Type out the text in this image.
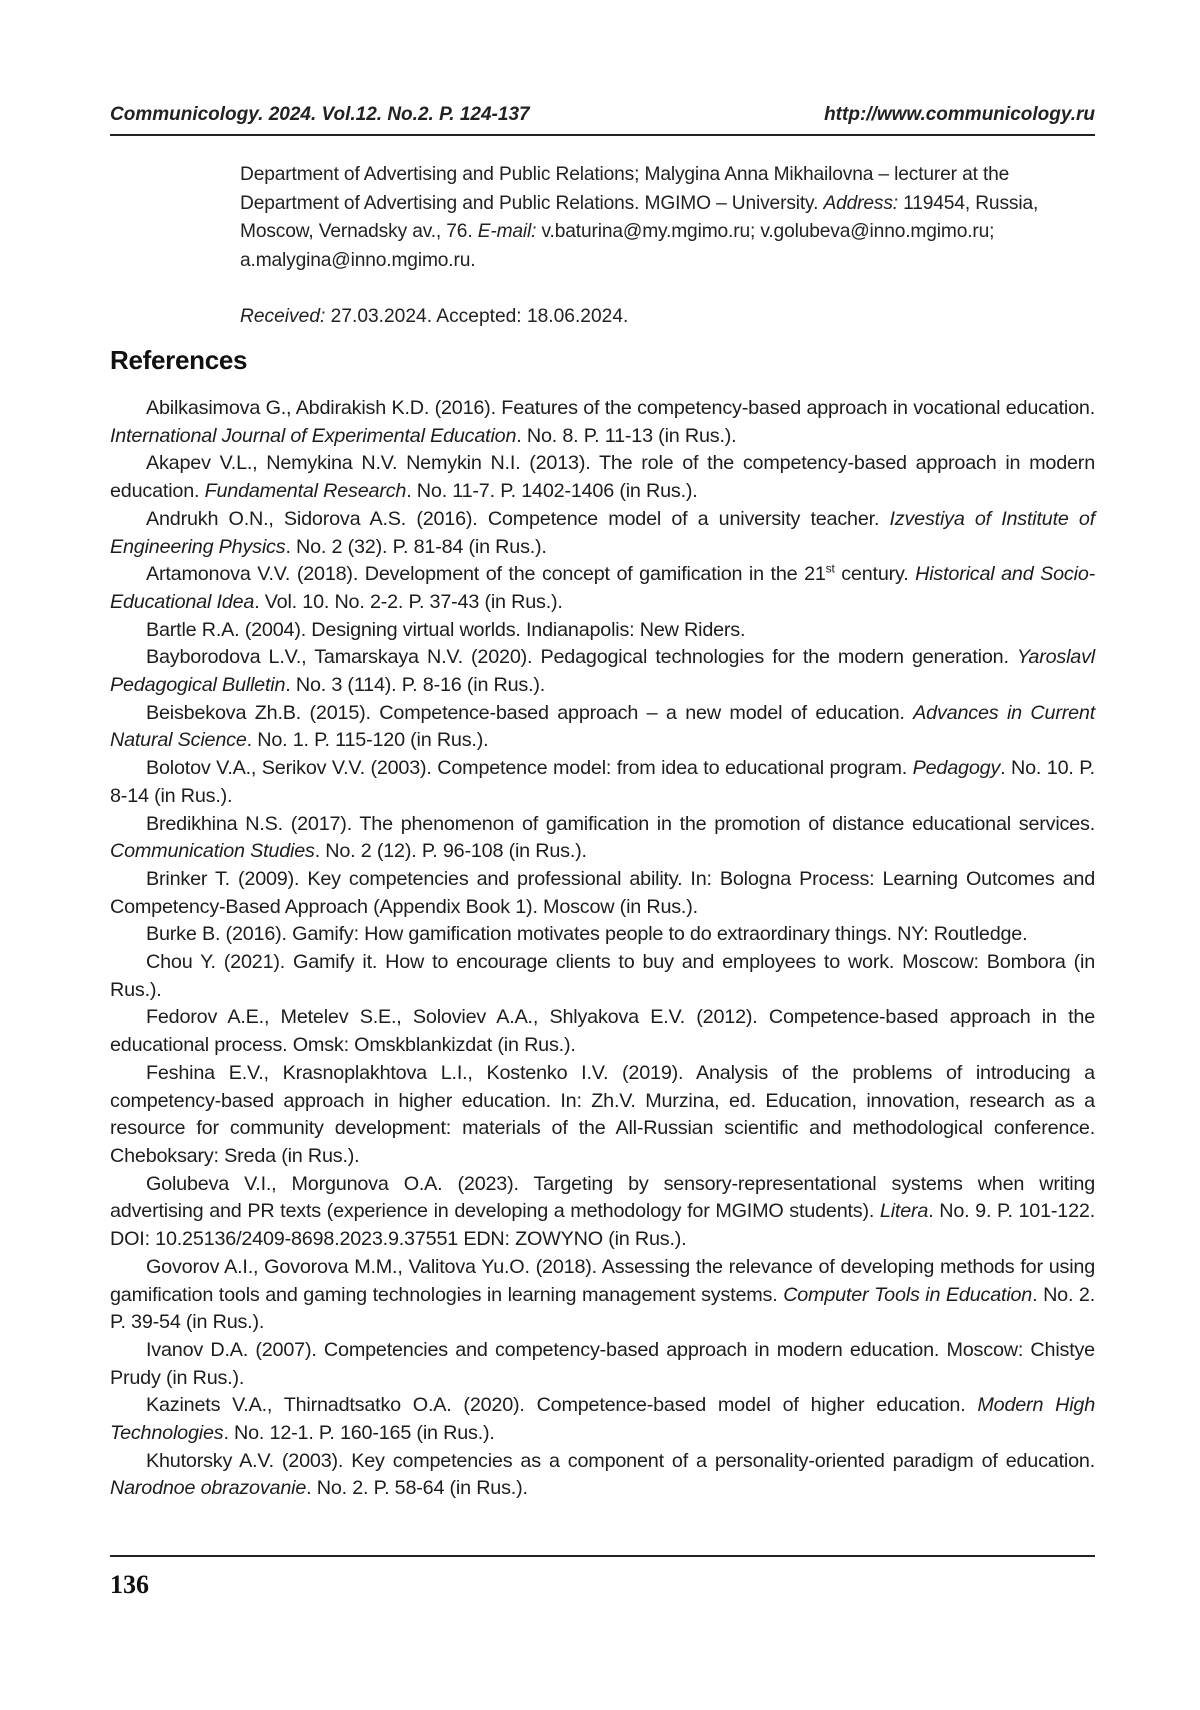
Communicology. 2024. Vol.12. No.2. P. 124-137	http://www.communicology.ru

Department of Advertising and Public Relations; Malygina Anna Mikhailovna – lecturer at the Department of Advertising and Public Relations. MGIMO – University. Address: 119454, Russia, Moscow, Vernadsky av., 76. E-mail: v.baturina@my.mgimo.ru; v.golubeva@inno.mgimo.ru; a.malygina@inno.mgimo.ru.

Received: 27.03.2024. Accepted: 18.06.2024.

References

Abilkasimova G., Abdirakish K.D. (2016). Features of the competency-based approach in vocational education. International Journal of Experimental Education. No. 8. P. 11-13 (in Rus.).

Akapev V.L., Nemykina N.V. Nemykin N.I. (2013). The role of the competency-based approach in modern education. Fundamental Research. No. 11-7. P. 1402-1406 (in Rus.).

Andrukh O.N., Sidorova A.S. (2016). Competence model of a university teacher. Izvestiya of Institute of Engineering Physics. No. 2 (32). P. 81-84 (in Rus.).

Artamonova V.V. (2018). Development of the concept of gamification in the 21st century. Historical and Socio-Educational Idea. Vol. 10. No. 2-2. P. 37-43 (in Rus.).

Bartle R.A. (2004). Designing virtual worlds. Indianapolis: New Riders.

Bayborodova L.V., Tamarskaya N.V. (2020). Pedagogical technologies for the modern generation. Yaroslavl Pedagogical Bulletin. No. 3 (114). P. 8-16 (in Rus.).

Beisbekova Zh.B. (2015). Competence-based approach – a new model of education. Advances in Current Natural Science. No. 1. P. 115-120 (in Rus.).

Bolotov V.A., Serikov V.V. (2003). Competence model: from idea to educational program. Pedagogy. No. 10. P. 8-14 (in Rus.).

Bredikhina N.S. (2017). The phenomenon of gamification in the promotion of distance educational services. Communication Studies. No. 2 (12). P. 96-108 (in Rus.).

Brinker T. (2009). Key competencies and professional ability. In: Bologna Process: Learning Outcomes and Competency-Based Approach (Appendix Book 1). Moscow (in Rus.).

Burke B. (2016). Gamify: How gamification motivates people to do extraordinary things. NY: Routledge.

Chou Y. (2021). Gamify it. How to encourage clients to buy and employees to work. Moscow: Bombora (in Rus.).

Fedorov A.E., Metelev S.E., Soloviev A.A., Shlyakova E.V. (2012). Competence-based approach in the educational process. Omsk: Omskblankizdat (in Rus.).

Feshina E.V., Krasnoplakhtova L.I., Kostenko I.V. (2019). Analysis of the problems of introducing a competency-based approach in higher education. In: Zh.V. Murzina, ed. Education, innovation, research as a resource for community development: materials of the All-Russian scientific and methodological conference. Cheboksary: Sreda (in Rus.).

Golubeva V.I., Morgunova O.A. (2023). Targeting by sensory-representational systems when writing advertising and PR texts (experience in developing a methodology for MGIMO students). Litera. No. 9. P. 101-122. DOI: 10.25136/2409-8698.2023.9.37551 EDN: ZOWYNO (in Rus.).

Govorov A.I., Govorova M.M., Valitova Yu.O. (2018). Assessing the relevance of developing methods for using gamification tools and gaming technologies in learning management systems. Computer Tools in Education. No. 2. P. 39-54 (in Rus.).

Ivanov D.A. (2007). Competencies and competency-based approach in modern education. Moscow: Chistye Prudy (in Rus.).

Kazinets V.A., Thirnadtsatko O.A. (2020). Competence-based model of higher education. Modern High Technologies. No. 12-1. P. 160-165 (in Rus.).

Khutorsky A.V. (2003). Key competencies as a component of a personality-oriented paradigm of education. Narodnoe obrazovanie. No. 2. P. 58-64 (in Rus.).

136
